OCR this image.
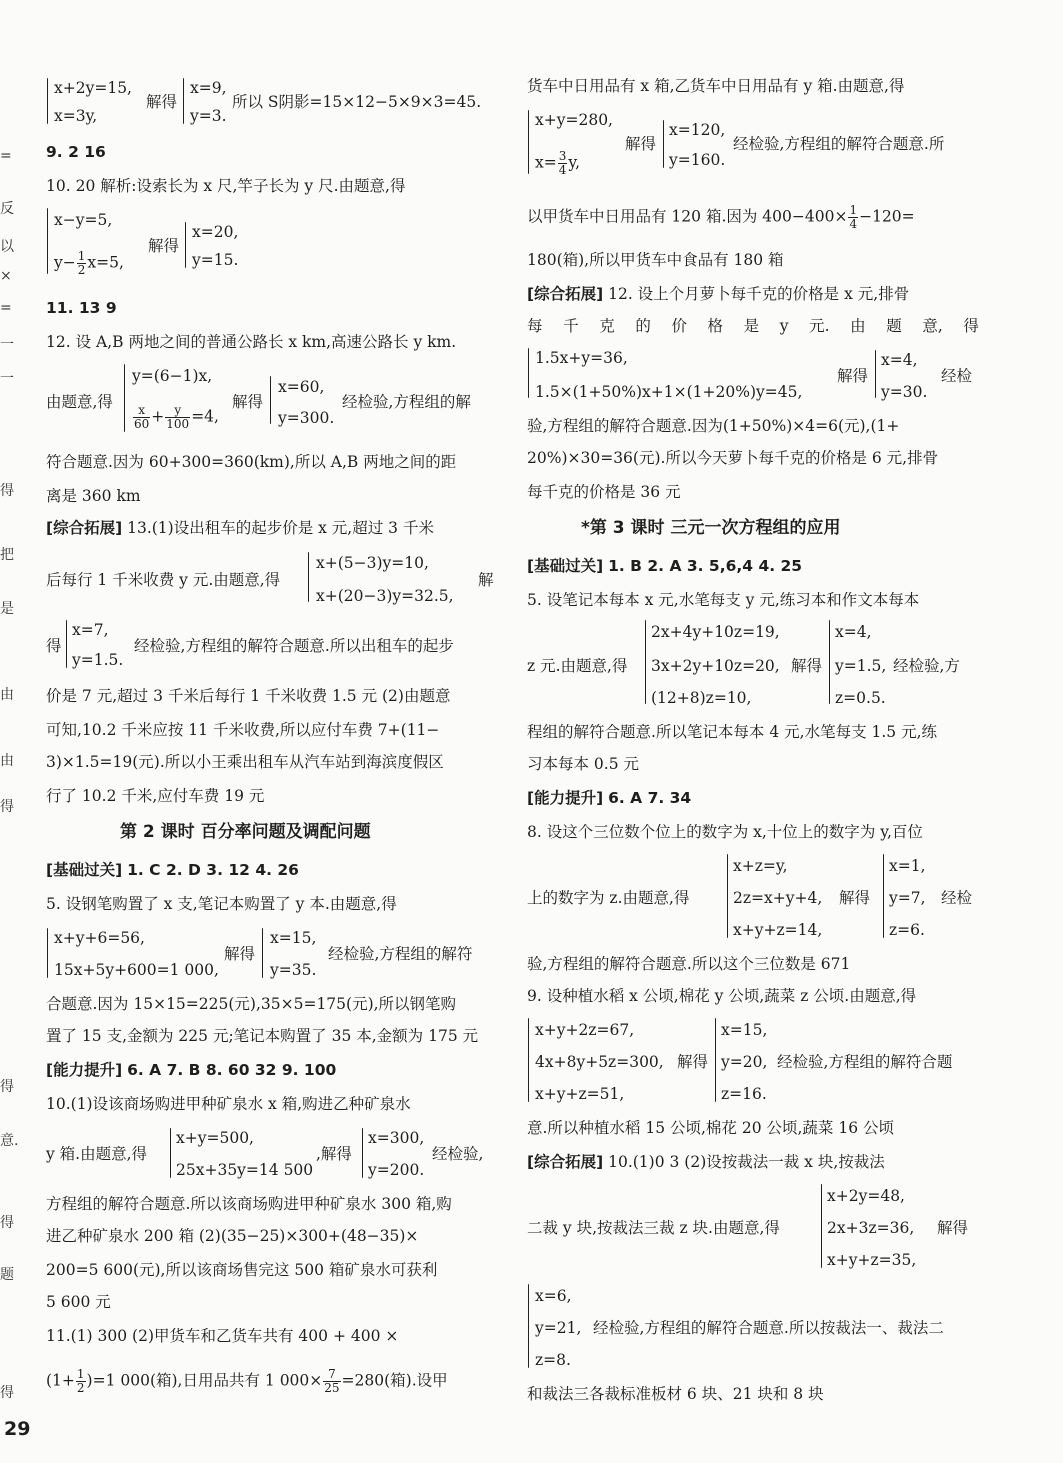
=
反
以
×
=
一
一
得
把
是
由
由
得
得
意.
得
题
得
x+2y=15,
x=3y,
解得
x=9,
y=3.
所以 S阴影=15×12−5×9×3=45.
9. 2 16
10. 20 解析:设索长为 x 尺,竿子长为 y 尺.由题意,得
x−y=5,
$y- \frac{1}{2} x=5$,
解得
x=20,
y=15.
11. 13 9
12. 设 A,B 两地之间的普通公路长 x km,高速公路长 y km.
由题意,得
y=(6−1)x,
$\frac{x}{60} + \frac{y}{100} =4$,
解得
x=60,
y=300.
经检验,方程组的解
符合题意.因为 60+300=360(km),所以 A,B 两地之间的距
离是 360 km
[综合拓展] 13.(1)设出租车的起步价是 x 元,超过 3 千米
后每行 1 千米收费 y 元.由题意,得
x+(5−3)y=10,
x+(20−3)y=32.5,
解
得
x=7,
y=1.5.
经检验,方程组的解符合题意.所以出租车的起步
价是 7 元,超过 3 千米后每行 1 千米收费 1.5 元 (2)由题意
可知,10.2 千米应按 11 千米收费,所以应付车费 7+(11−
3)×1.5=19(元).所以小王乘出租车从汽车站到海滨度假区
行了 10.2 千米,应付车费 19 元
第 2 课时 百分率问题及调配问题
[基础过关] 1. C 2. D 3. 12 4. 26
5. 设钢笔购置了 x 支,笔记本购置了 y 本.由题意,得
x+y+6=56,
15x+5y+600=1 000,
解得
x=15,
y=35.
经检验,方程组的解符
合题意.因为 15×15=225(元),35×5=175(元),所以钢笔购
置了 15 支,金额为 225 元;笔记本购置了 35 本,金额为 175 元
[能力提升] 6. A 7. B 8. 60 32 9. 100
10.(1)设该商场购进甲种矿泉水 x 箱,购进乙种矿泉水
y 箱.由题意,得
x+y=500,
25x+35y=14 500
,解得
x=300,
y=200.
经检验,
方程组的解符合题意.所以该商场购进甲种矿泉水 300 箱,购
进乙种矿泉水 200 箱 (2)(35−25)×300+(48−35)×
200=5 600(元),所以该商场售完这 500 箱矿泉水可获利
5 600 元
11.(1) 300 (2)甲货车和乙货车共有 400 + 400 ×
$(1+ \frac{1}{2} )=1$ 000(箱),日用品共有 1 $000\times \frac{7}{25} =280$(箱).设甲
货车中日用品有 x 箱,乙货车中日用品有 y 箱.由题意,得
x+y=280,
$x= \frac{3}{4} y$,
解得
x=120,
y=160.
经检验,方程组的解符合题意.所
以甲货车中日用品有 120 箱.因为 $400-400\times \frac{1}{4} -120=$
180(箱),所以甲货车中食品有 180 箱
[综合拓展] 12. 设上个月萝卜每千克的价格是 x 元,排骨
每 千 克 的 价 格 是 y 元. 由 题 意, 得
1.5x+y=36,
1.5×(1+50%)x+1×(1+20%)y=45,
解得
x=4,
y=30.
经检
验,方程组的解符合题意.因为(1+50%)×4=6(元),(1+
20%)×30=36(元).所以今天萝卜每千克的价格是 6 元,排骨
每千克的价格是 36 元
*第 3 课时 三元一次方程组的应用
[基础过关] 1. B 2. A 3. 5,6,4 4. 25
5. 设笔记本每本 x 元,水笔每支 y 元,练习本和作文本每本
z 元.由题意,得
2x+4y+10z=19,
3x+2y+10z=20,
(12+8)z=10,
解得
x=4,
y=1.5,
z=0.5.
经检验,方
程组的解符合题意.所以笔记本每本 4 元,水笔每支 1.5 元,练
习本每本 0.5 元
[能力提升] 6. A 7. 34
8. 设这个三位数个位上的数字为 x,十位上的数字为 y,百位
上的数字为 z.由题意,得
x+z=y,
2z=x+y+4,
x+y+z=14,
解得
x=1,
y=7,
z=6.
经检
验,方程组的解符合题意.所以这个三位数是 671
9. 设种植水稻 x 公顷,棉花 y 公顷,蔬菜 z 公顷.由题意,得
x+y+2z=67,
4x+8y+5z=300,
x+y+z=51,
解得
x=15,
y=20,
z=16.
经检验,方程组的解符合题
意.所以种植水稻 15 公顷,棉花 20 公顷,蔬菜 16 公顷
[综合拓展] 10.(1)0 3 (2)设按裁法一裁 x 块,按裁法
二裁 y 块,按裁法三裁 z 块.由题意,得
x+2y=48,
2x+3z=36,
x+y+z=35,
解得
x=6,
y=21,
z=8.
经检验,方程组的解符合题意.所以按裁法一、裁法二
和裁法三各裁标准板材 6 块、21 块和 8 块
29
